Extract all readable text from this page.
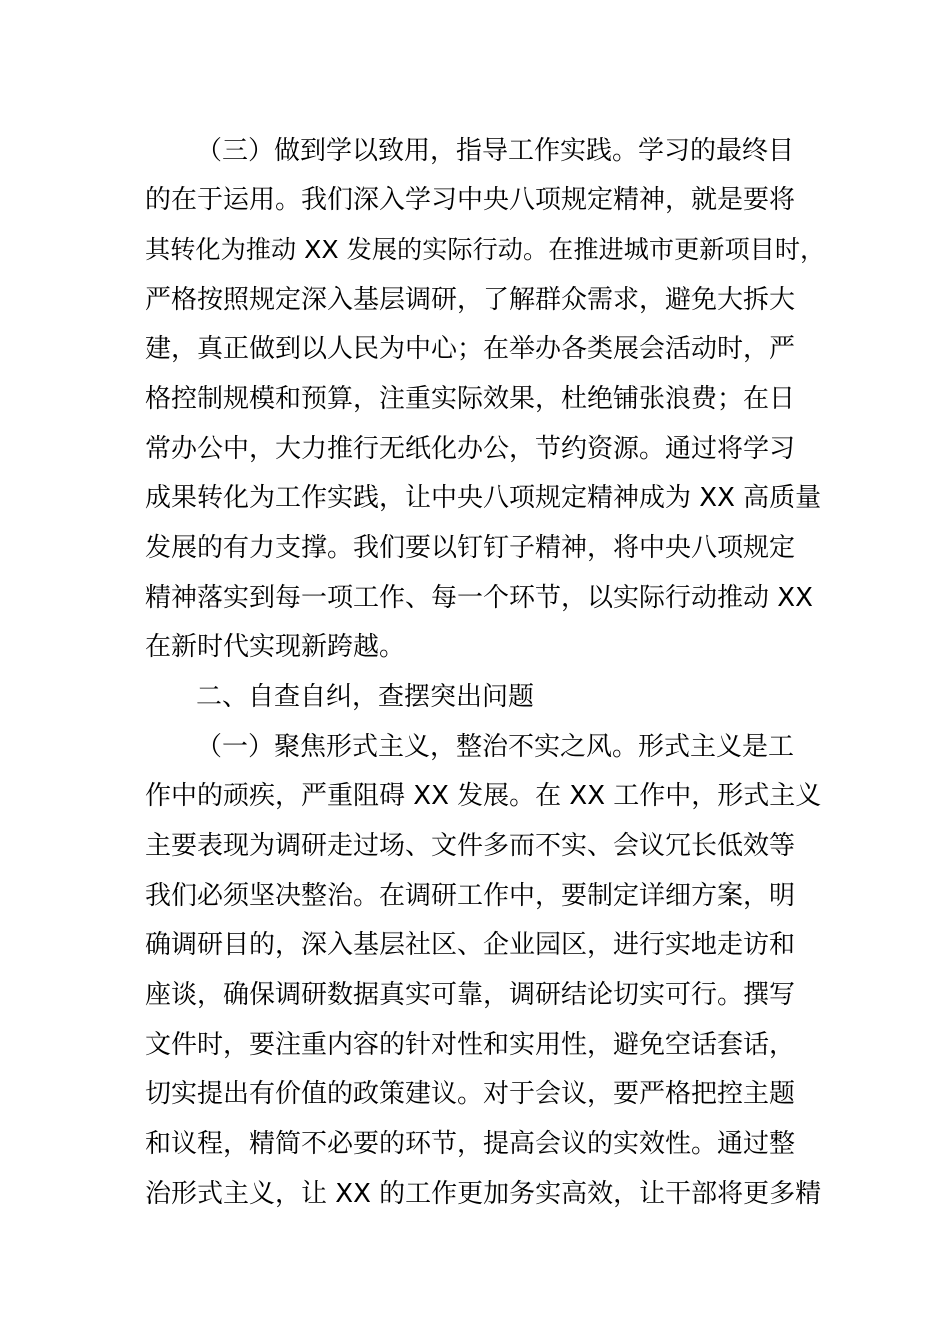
（三）做到学以致用，指导工作实践。学习的最终目
的在于运用。我们深入学习中央八项规定精神，就是要将
其转化为推动 XX 发展的实际行动。在推进城市更新项目时，
严格按照规定深入基层调研，了解群众需求，避免大拆大
建，真正做到以人民为中心；在举办各类展会活动时，严
格控制规模和预算，注重实际效果，杜绝铺张浪费；在日
常办公中，大力推行无纸化办公，节约资源。通过将学习
成果转化为工作实践，让中央八项规定精神成为 XX 高质量
发展的有力支撑。我们要以钉钉子精神，将中央八项规定
精神落实到每一项工作、每一个环节，以实际行动推动 XX
在新时代实现新跨越。
二、自查自纠，查摆突出问题
（一）聚焦形式主义，整治不实之风。形式主义是工
作中的顽疾，严重阻碍 XX 发展。在 XX 工作中，形式主义
主要表现为调研走过场、文件多而不实、会议冗长低效等
我们必须坚决整治。在调研工作中，要制定详细方案，明
确调研目的，深入基层社区、企业园区，进行实地走访和
座谈，确保调研数据真实可靠，调研结论切实可行。撰写
文件时，要注重内容的针对性和实用性，避免空话套话，
切实提出有价值的政策建议。对于会议，要严格把控主题
和议程，精简不必要的环节，提高会议的实效性。通过整
治形式主义，让 XX 的工作更加务实高效，让干部将更多精
